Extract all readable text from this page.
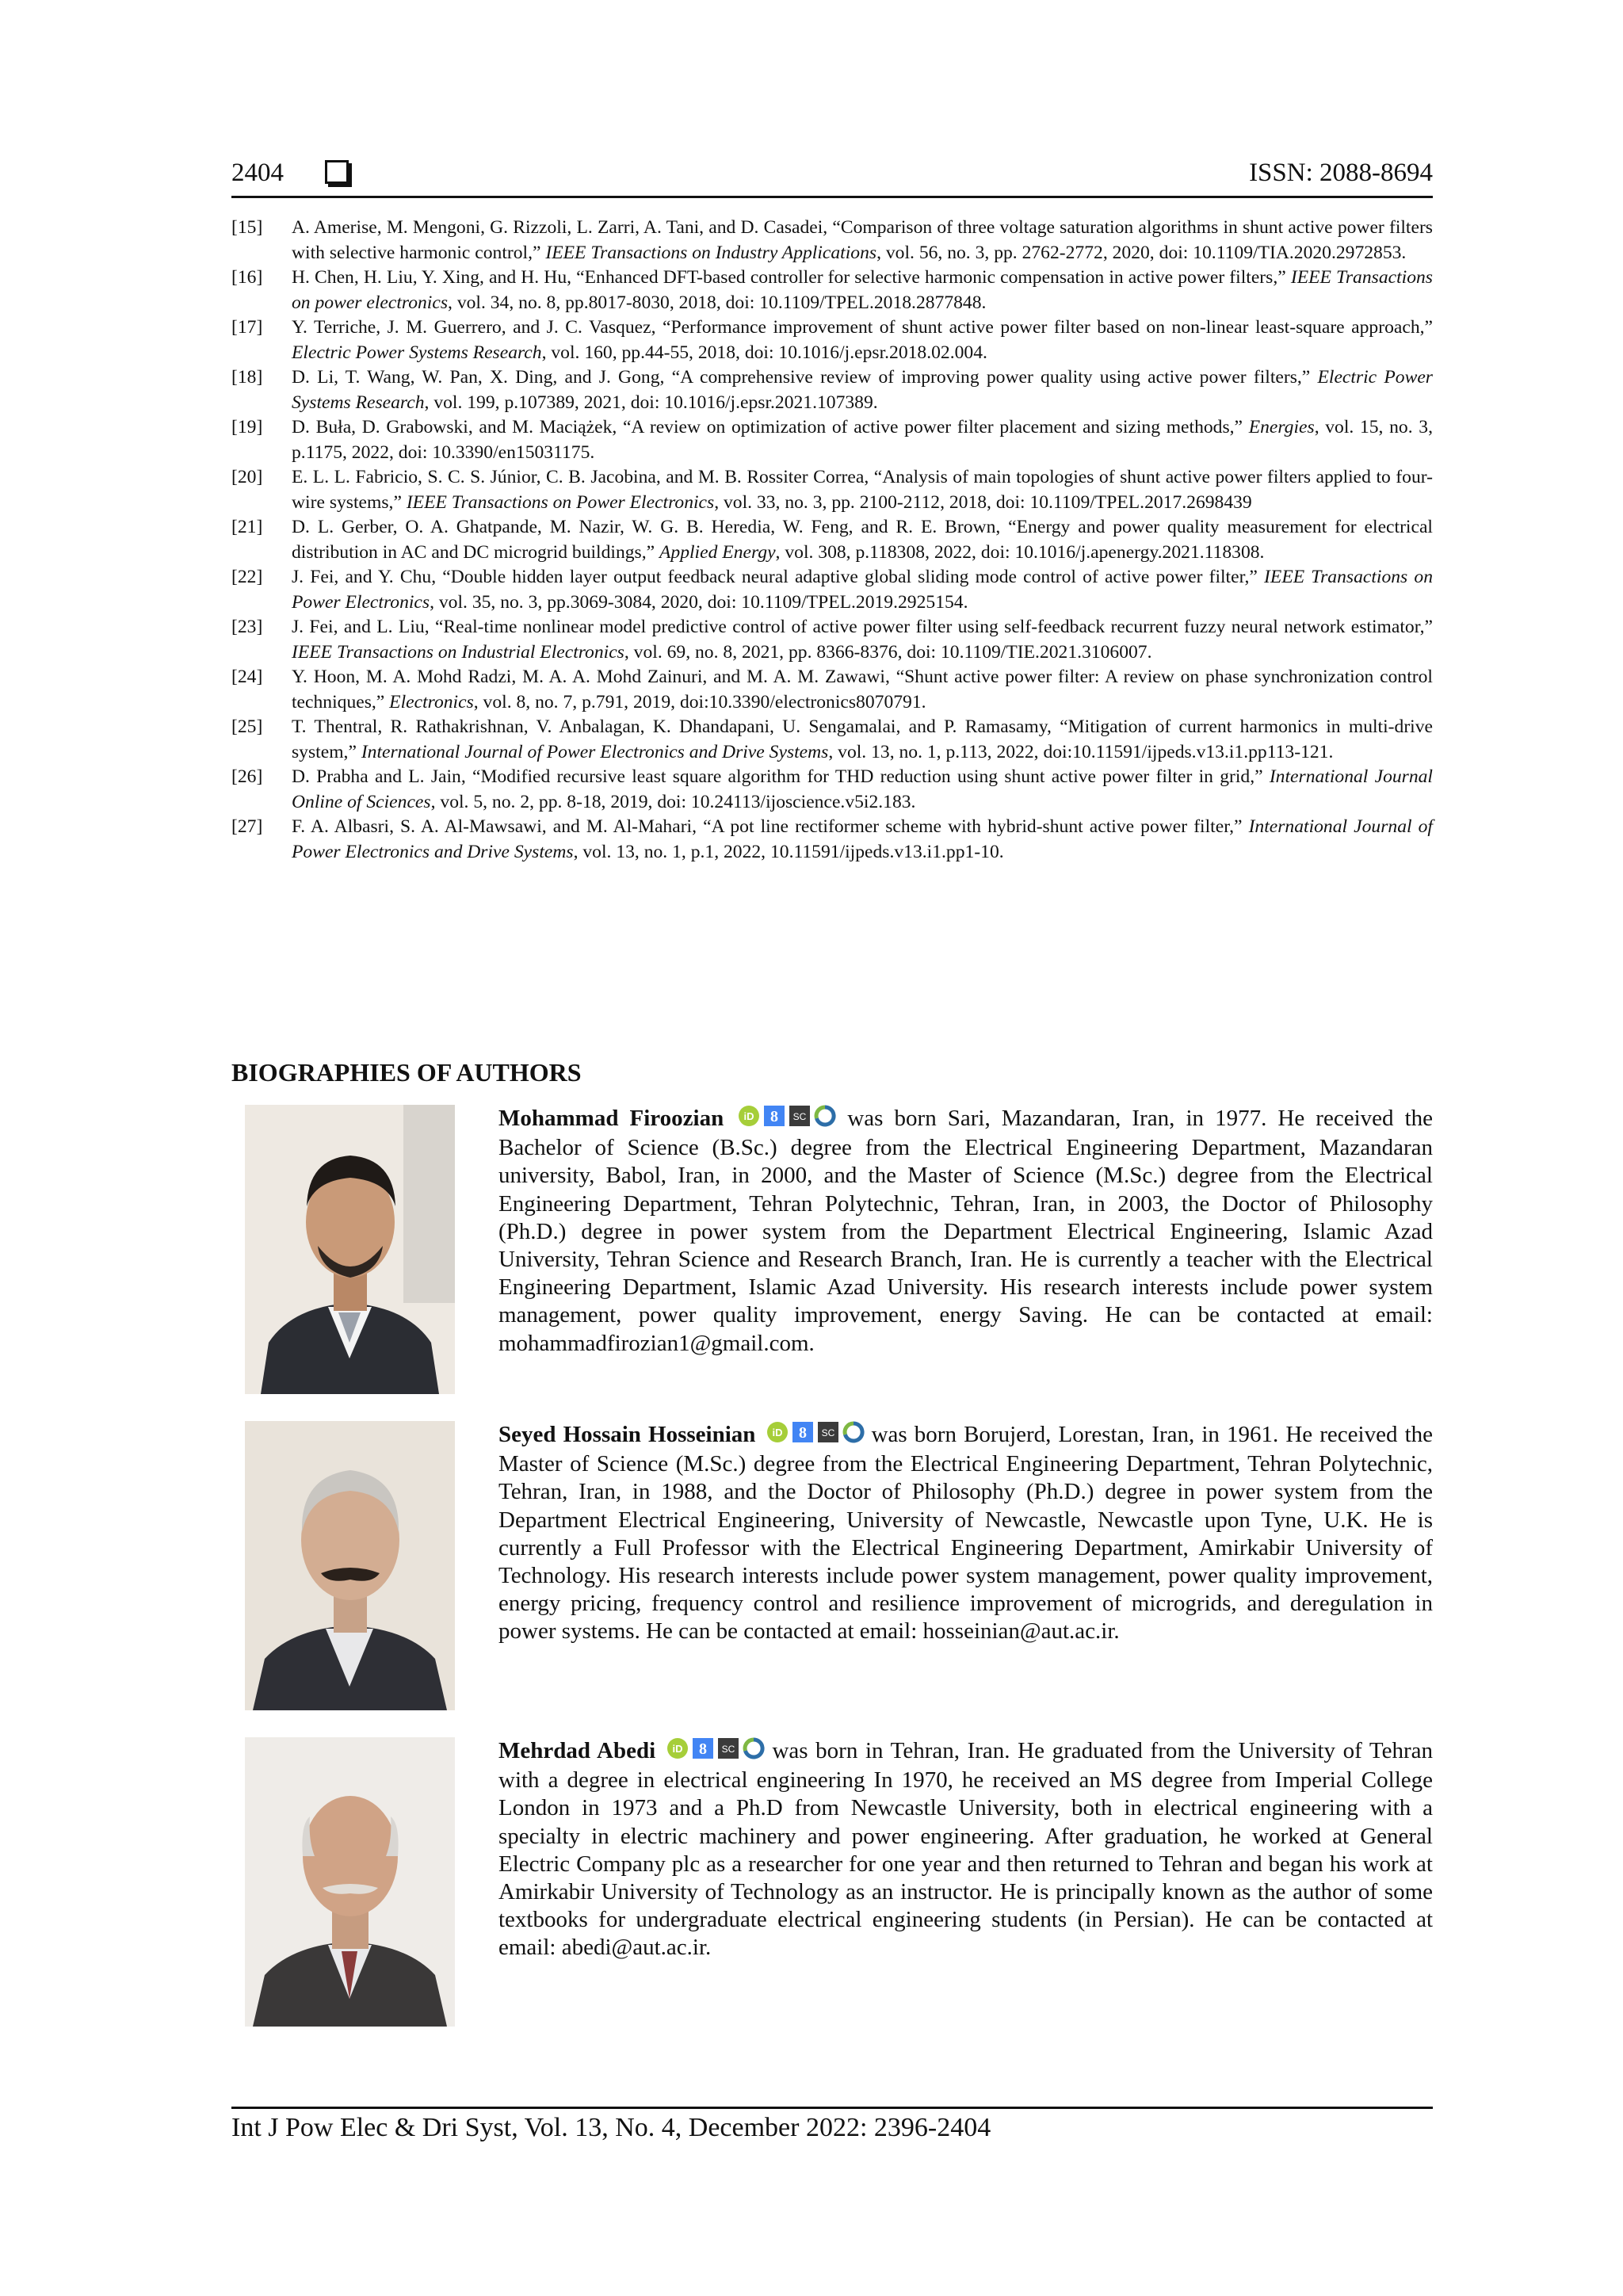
2404	ISSN: 2088-8694
[15] A. Amerise, M. Mengoni, G. Rizzoli, L. Zarri, A. Tani, and D. Casadei, “Comparison of three voltage saturation algorithms in shunt active power filters with selective harmonic control,” IEEE Transactions on Industry Applications, vol. 56, no. 3, pp. 2762-2772, 2020, doi: 10.1109/TIA.2020.2972853.
[16] H. Chen, H. Liu, Y. Xing, and H. Hu, “Enhanced DFT-based controller for selective harmonic compensation in active power filters,” IEEE Transactions on power electronics, vol. 34, no. 8, pp.8017-8030, 2018, doi: 10.1109/TPEL.2018.2877848.
[17] Y. Terriche, J. M. Guerrero, and J. C. Vasquez, “Performance improvement of shunt active power filter based on non-linear least-square approach,” Electric Power Systems Research, vol. 160, pp.44-55, 2018, doi: 10.1016/j.epsr.2018.02.004.
[18] D. Li, T. Wang, W. Pan, X. Ding, and J. Gong, “A comprehensive review of improving power quality using active power filters,” Electric Power Systems Research, vol. 199, p.107389, 2021, doi: 10.1016/j.epsr.2021.107389.
[19] D. Buła, D. Grabowski, and M. Maciążek, “A review on optimization of active power filter placement and sizing methods,” Energies, vol. 15, no. 3, p.1175, 2022, doi: 10.3390/en15031175.
[20] E. L. L. Fabricio, S. C. S. Júnior, C. B. Jacobina, and M. B. Rossiter Correa, “Analysis of main topologies of shunt active power filters applied to four-wire systems,” IEEE Transactions on Power Electronics, vol. 33, no. 3, pp. 2100-2112, 2018, doi: 10.1109/TPEL.2017.2698439
[21] D. L. Gerber, O. A. Ghatpande, M. Nazir, W. G. B. Heredia, W. Feng, and R. E. Brown, “Energy and power quality measurement for electrical distribution in AC and DC microgrid buildings,” Applied Energy, vol. 308, p.118308, 2022, doi: 10.1016/j.apenergy.2021.118308.
[22] J. Fei, and Y. Chu, “Double hidden layer output feedback neural adaptive global sliding mode control of active power filter,” IEEE Transactions on Power Electronics, vol. 35, no. 3, pp.3069-3084, 2020, doi: 10.1109/TPEL.2019.2925154.
[23] J. Fei, and L. Liu, “Real-time nonlinear model predictive control of active power filter using self-feedback recurrent fuzzy neural network estimator,” IEEE Transactions on Industrial Electronics, vol. 69, no. 8, 2021, pp. 8366-8376, doi: 10.1109/TIE.2021.3106007.
[24] Y. Hoon, M. A. Mohd Radzi, M. A. A. Mohd Zainuri, and M. A. M. Zawawi, “Shunt active power filter: A review on phase synchronization control techniques,” Electronics, vol. 8, no. 7, p.791, 2019, doi:10.3390/electronics8070791.
[25] T. Thentral, R. Rathakrishnan, V. Anbalagan, K. Dhandapani, U. Sengamalai, and P. Ramasamy, “Mitigation of current harmonics in multi-drive system,” International Journal of Power Electronics and Drive Systems, vol. 13, no. 1, p.113, 2022, doi:10.11591/ijpeds.v13.i1.pp113-121.
[26] D. Prabha and L. Jain, “Modified recursive least square algorithm for THD reduction using shunt active power filter in grid,” International Journal Online of Sciences, vol. 5, no. 2, pp. 8-18, 2019, doi: 10.24113/ijoscience.v5i2.183.
[27] F. A. Albasri, S. A. Al-Mawsawi, and M. Al-Mahari, “A pot line rectiformer scheme with hybrid-shunt active power filter,” International Journal of Power Electronics and Drive Systems, vol. 13, no. 1, p.1, 2022, 10.11591/ijpeds.v13.i1.pp1-10.
BIOGRAPHIES OF AUTHORS
Mohammad Firoozian iD 8 SC was born Sari, Mazandaran, Iran, in 1977. He received the Bachelor of Science (B.Sc.) degree from the Electrical Engineering Department, Mazandaran university, Babol, Iran, in 2000, and the Master of Science (M.Sc.) degree from the Electrical Engineering Department, Tehran Polytechnic, Tehran, Iran, in 2003, the Doctor of Philosophy (Ph.D.) degree in power system from the Department Electrical Engineering, Islamic Azad University, Tehran Science and Research Branch, Iran. He is currently a teacher with the Electrical Engineering Department, Islamic Azad University. His research interests include power system management, power quality improvement, energy Saving. He can be contacted at email: mohammadfirozian1@gmail.com.
Seyed Hossain Hosseinian iD 8 SC was born Borujerd, Lorestan, Iran, in 1961. He received the Master of Science (M.Sc.) degree from the Electrical Engineering Department, Tehran Polytechnic, Tehran, Iran, in 1988, and the Doctor of Philosophy (Ph.D.) degree in power system from the Department Electrical Engineering, University of Newcastle, Newcastle upon Tyne, U.K. He is currently a Full Professor with the Electrical Engineering Department, Amirkabir University of Technology. His research interests include power system management, power quality improvement, energy pricing, frequency control and resilience improvement of microgrids, and deregulation in power systems. He can be contacted at email: hosseinian@aut.ac.ir.
Mehrdad Abedi iD 8 SC was born in Tehran, Iran. He graduated from the University of Tehran with a degree in electrical engineering In 1970, he received an MS degree from Imperial College London in 1973 and a Ph.D from Newcastle University, both in electrical engineering with a specialty in electric machinery and power engineering. After graduation, he worked at General Electric Company plc as a researcher for one year and then returned to Tehran and began his work at Amirkabir University of Technology as an instructor. He is principally known as the author of some textbooks for undergraduate electrical engineering students (in Persian). He can be contacted at email: abedi@aut.ac.ir.
Int J Pow Elec & Dri Syst, Vol. 13, No. 4, December 2022: 2396-2404
